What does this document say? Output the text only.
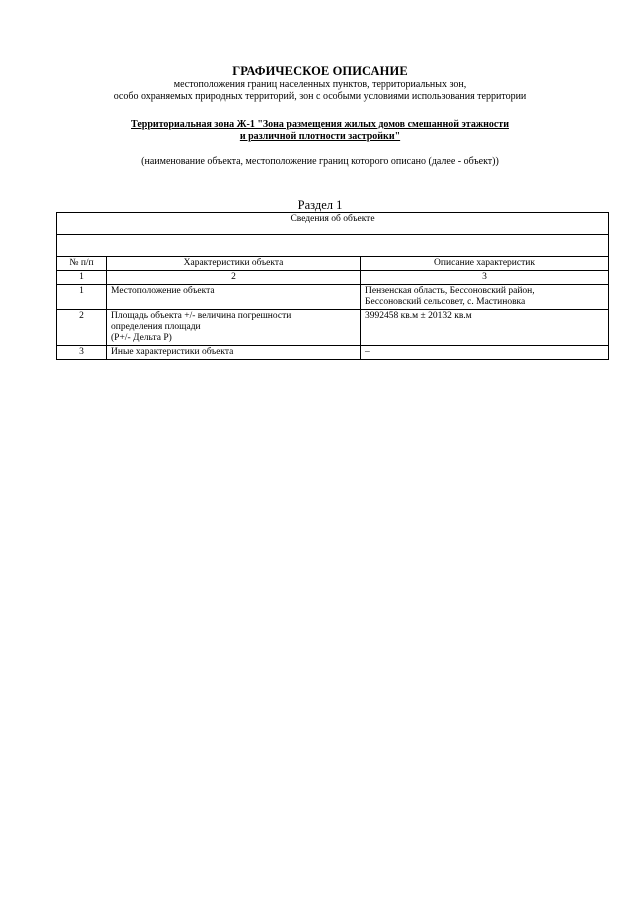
ГРАФИЧЕСКОЕ ОПИСАНИЕ
местоположения границ населенных пунктов, территориальных зон,
особо охраняемых природных территорий, зон с особыми условиями использования территории
Территориальная зона Ж-1 "Зона размещения жилых домов смешанной этажности
и различной плотности застройки"
(наименование объекта, местоположение границ которого описано (далее - объект))
Раздел 1
Сведения об объекте		

№ п/п	Характеристики объекта	Описание характеристик
1	2	3
1	Местоположение объекта	Пензенская область, Бессоновский район,
Бессоновский сельсовет, с. Мастиновка

2	Площадь объекта +/- величина погрешности
определения площади
(P+/- Дельта P)	3992458 кв.м ± 20132 кв.м

3	Иные характеристики объекта	–
